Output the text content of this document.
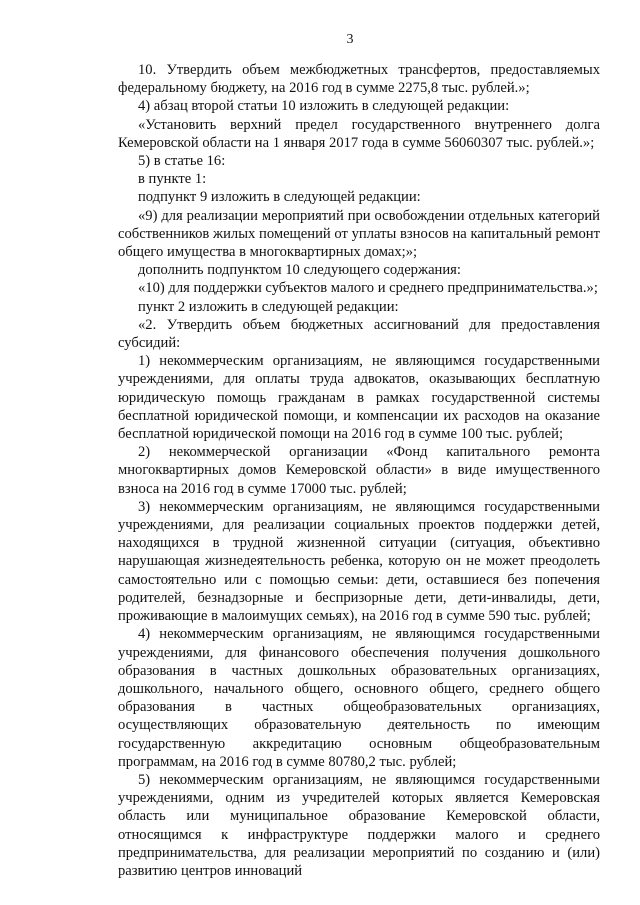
3

10. Утвердить объем межбюджетных трансфертов, предоставляемых федеральному бюджету, на 2016 год в сумме 2275,8 тыс. рублей.»;

4) абзац второй статьи 10 изложить в следующей редакции:

«Установить верхний предел государственного внутреннего долга Кемеровской области на 1 января 2017 года в сумме 56060307 тыс. рублей.»;

5) в статье 16:

в пункте 1:

подпункт 9 изложить в следующей редакции:

«9) для реализации мероприятий при освобождении отдельных категорий собственников жилых помещений от уплаты взносов на капитальный ремонт общего имущества в многоквартирных домах;»;

дополнить подпунктом 10 следующего содержания:

«10) для поддержки субъектов малого и среднего предпринимательства.»;

пункт 2 изложить в следующей редакции:

«2. Утвердить объем бюджетных ассигнований для предоставления субсидий:

1) некоммерческим организациям, не являющимся государственными учреждениями, для оплаты труда адвокатов, оказывающих бесплатную юридическую помощь гражданам в рамках государственной системы бесплатной юридической помощи, и компенсации их расходов на оказание бесплатной юридической помощи на 2016 год в сумме 100 тыс. рублей;

2) некоммерческой организации «Фонд капитального ремонта многоквартирных домов Кемеровской области» в виде имущественного взноса на 2016 год в сумме 17000 тыс. рублей;

3) некоммерческим организациям, не являющимся государственными учреждениями, для реализации социальных проектов поддержки детей, находящихся в трудной жизненной ситуации (ситуация, объективно нарушающая жизнедеятельность ребенка, которую он не может преодолеть самостоятельно или с помощью семьи: дети, оставшиеся без попечения родителей, безнадзорные и беспризорные дети, дети-инвалиды, дети, проживающие в малоимущих семьях), на 2016 год в сумме 590 тыс. рублей;

4) некоммерческим организациям, не являющимся государственными учреждениями, для финансового обеспечения получения дошкольного образования в частных дошкольных образовательных организациях, дошкольного, начального общего, основного общего, среднего общего образования в частных общеобразовательных организациях, осуществляющих образовательную деятельность по имеющим государственную аккредитацию основным общеобразовательным программам, на 2016 год в сумме 80780,2 тыс. рублей;

5) некоммерческим организациям, не являющимся государственными учреждениями, одним из учредителей которых является Кемеровская область или муниципальное образование Кемеровской области, относящимся к инфраструктуре поддержки малого и среднего предпринимательства, для реализации мероприятий по созданию и (или) развитию центров инноваций
